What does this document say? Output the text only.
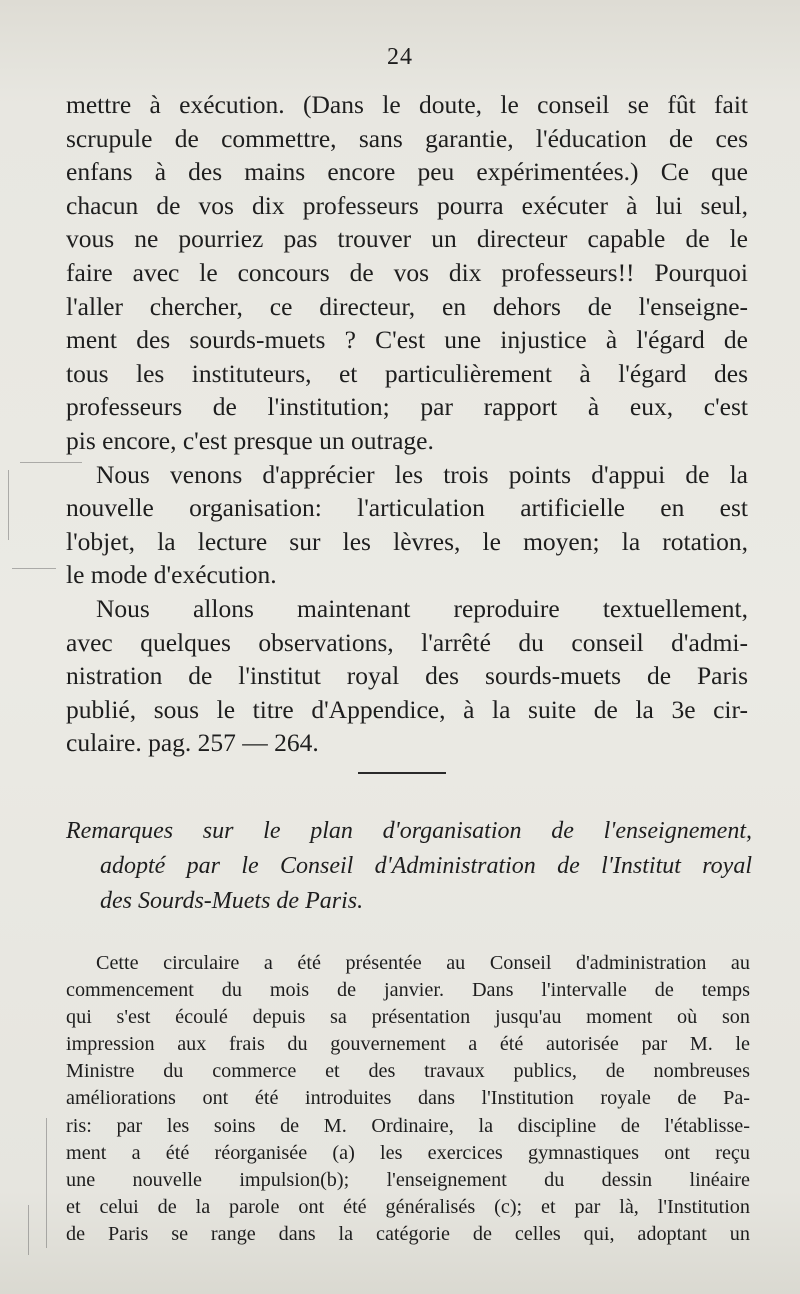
24
mettre à exécution. (Dans le doute, le conseil se fût fait
scrupule de commettre, sans garantie, l'éducation de ces
enfans à des mains encore peu expérimentées.) Ce que
chacun de vos dix professeurs pourra exécuter à lui seul,
vous ne pourriez pas trouver un directeur capable de le
faire avec le concours de vos dix professeurs!! Pourquoi
l'aller chercher, ce directeur, en dehors de l'enseigne-
ment des sourds-muets ? C'est une injustice à l'égard de
tous les instituteurs, et particulièrement à l'égard des
professeurs de l'institution; par rapport à eux, c'est
pis encore, c'est presque un outrage.
Nous venons d'apprécier les trois points d'appui de la
nouvelle organisation: l'articulation artificielle en est
l'objet, la lecture sur les lèvres, le moyen; la rotation,
le mode d'exécution.
Nous allons maintenant reproduire textuellement,
avec quelques observations, l'arrêté du conseil d'admi-
nistration de l'institut royal des sourds-muets de Paris
publié, sous le titre d'Appendice, à la suite de la 3e cir-
culaire. pag. 257 — 264.
Remarques sur le plan d'organisation de l'enseignement,
adopté par le Conseil d'Administration de l'Institut royal
des Sourds-Muets de Paris.
Cette circulaire a été présentée au Conseil d'administration au
commencement du mois de janvier. Dans l'intervalle de temps
qui s'est écoulé depuis sa présentation jusqu'au moment où son
impression aux frais du gouvernement a été autorisée par M. le
Ministre du commerce et des travaux publics, de nombreuses
améliorations ont été introduites dans l'Institution royale de Pa-
ris: par les soins de M. Ordinaire, la discipline de l'établisse-
ment a été réorganisée (a) les exercices gymnastiques ont reçu
une nouvelle impulsion(b); l'enseignement du dessin linéaire
et celui de la parole ont été généralisés (c); et par là, l'Institution
de Paris se range dans la catégorie de celles qui, adoptant un
